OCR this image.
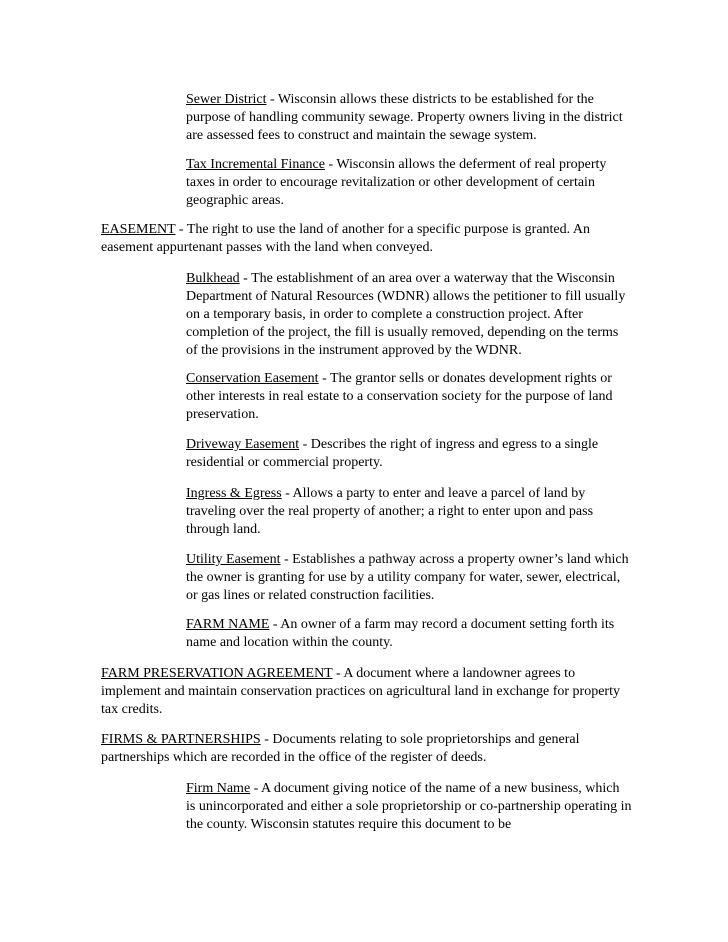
Sewer District - Wisconsin allows these districts to be established for the purpose of handling community sewage. Property owners living in the district are assessed fees to construct and maintain the sewage system.

Tax Incremental Finance - Wisconsin allows the deferment of real property taxes in order to encourage revitalization or other development of certain geographic areas.

EASEMENT - The right to use the land of another for a specific purpose is granted. An easement appurtenant passes with the land when conveyed.

Bulkhead - The establishment of an area over a waterway that the Wisconsin Department of Natural Resources (WDNR) allows the petitioner to fill usually on a temporary basis, in order to complete a construction project. After completion of the project, the fill is usually removed, depending on the terms of the provisions in the instrument approved by the WDNR.

Conservation Easement - The grantor sells or donates development rights or other interests in real estate to a conservation society for the purpose of land preservation.

Driveway Easement - Describes the right of ingress and egress to a single residential or commercial property.

Ingress & Egress - Allows a party to enter and leave a parcel of land by traveling over the real property of another; a right to enter upon and pass through land.

Utility Easement - Establishes a pathway across a property owner’s land which the owner is granting for use by a utility company for water, sewer, electrical, or gas lines or related construction facilities.

FARM NAME - An owner of a farm may record a document setting forth its name and location within the county.

FARM PRESERVATION AGREEMENT - A document where a landowner agrees to implement and maintain conservation practices on agricultural land in exchange for property tax credits.

FIRMS & PARTNERSHIPS - Documents relating to sole proprietorships and general partnerships which are recorded in the office of the register of deeds.

Firm Name - A document giving notice of the name of a new business, which is unincorporated and either a sole proprietorship or co-partnership operating in the county. Wisconsin statutes require this document to be
